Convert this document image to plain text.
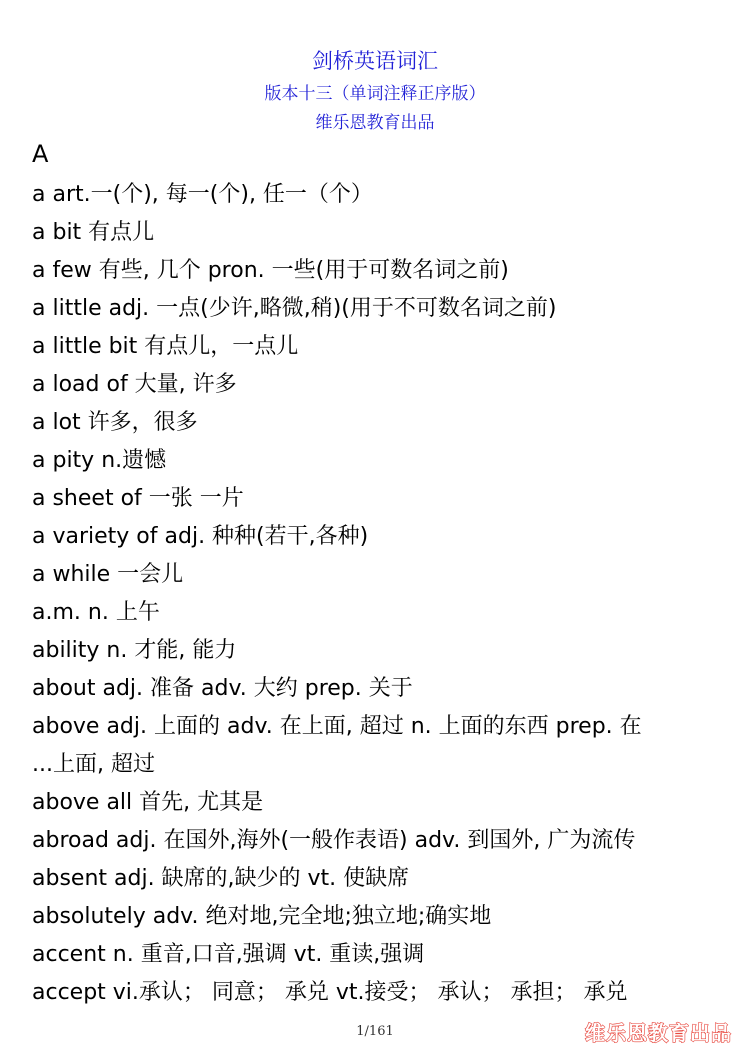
剑桥英语词汇
版本十三（单词注释正序版）
维乐恩教育出品
A
a art.一(个), 每一(个), 任一（个）
a bit 有点儿
a few 有些, 几个 pron. 一些(用于可数名词之前)
a little adj. 一点(少许,略微,稍)(用于不可数名词之前)
a little bit 有点儿，一点儿
a load of 大量, 许多
a lot 许多，很多
a pity n.遗憾
a sheet of 一张 一片
a variety of adj. 种种(若干,各种)
a while 一会儿
a.m. n. 上午
ability n. 才能, 能力
about adj. 准备 adv. 大约 prep. 关于
above adj. 上面的 adv. 在上面, 超过 n. 上面的东西 prep. 在
...上面, 超过
above all 首先, 尤其是
abroad adj. 在国外,海外(一般作表语) adv. 到国外, 广为流传
absent adj. 缺席的,缺少的 vt. 使缺席
absolutely adv. 绝对地,完全地;独立地;确实地
accent n. 重音,口音,强调 vt. 重读,强调
accept vi.承认； 同意； 承兑 vt.接受； 承认； 承担； 承兑
1/161	维乐恩教育出品
